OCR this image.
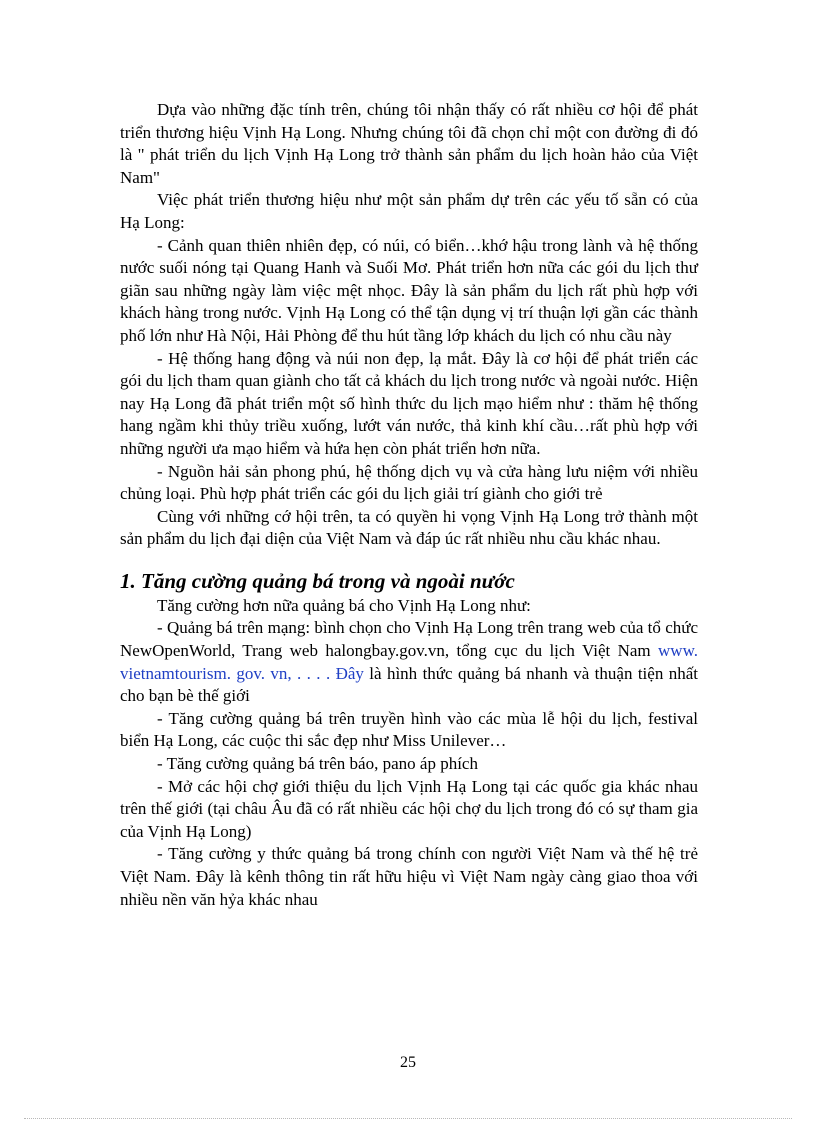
Dựa vào những đặc tính trên, chúng tôi nhận thấy có rất nhiều cơ hội để phát triển thương hiệu Vịnh Hạ Long. Nhưng chúng tôi đã chọn chỉ một con đường đi đó là " phát triển du lịch Vịnh Hạ Long trở thành sản phẩm du lịch hoàn hảo của Việt Nam"

Việc phát triển thương hiệu như một sản phẩm dự trên các yếu tố sẵn có của Hạ Long:

- Cảnh quan thiên nhiên đẹp, có núi, có biển…khớ hậu trong lành và hệ thống nước suối nóng tại Quang Hanh và Suối Mơ. Phát triển hơn nữa các gói du lịch thư giãn sau những ngày làm việc mệt nhọc. Đây là sản phẩm du lịch rất phù hợp với khách hàng trong nước. Vịnh Hạ Long có thể tận dụng vị trí thuận lợi gần các thành phố lớn như Hà Nội, Hải Phòng để thu hút tầng lớp khách du lịch có nhu cầu này

- Hệ thống hang động và núi non đẹp, lạ mắt. Đây là cơ hội để phát triển các gói du lịch tham quan giành cho tất cả khách du lịch trong nước và ngoài nước. Hiện nay Hạ Long đã phát triển một số hình thức du lịch mạo hiểm như : thăm hệ thống hang ngầm khi thủy triều xuống, lướt ván nước, thả kinh khí cầu…rất phù hợp với những người ưa mạo hiểm và hứa hẹn còn phát triển hơn nữa.

- Nguồn hải sản phong phú, hệ thống dịch vụ và cửa hàng lưu niệm với nhiều chủng loại. Phù hợp phát triển các gói du lịch giải trí giành cho giới trẻ

Cùng với những cớ hội trên, ta có quyền hi vọng Vịnh Hạ Long trở thành một sản phẩm du lịch đại diện của Việt Nam và đáp úc rất nhiều nhu cầu khác nhau.

1. Tăng cường quảng bá trong và ngoài nước

Tăng cường hơn nữa quảng bá cho Vịnh Hạ Long như:

- Quảng bá trên mạng: bình chọn cho Vịnh Hạ Long trên trang web của tổ chức NewOpenWorld, Trang web halongbay.gov.vn, tổng cục du lịch Việt Nam www. vietnamtourism. gov. vn, . . . . Đây là hình thức quảng bá nhanh và thuận tiện nhất cho bạn bè thế giới

- Tăng cường quảng bá trên truyền hình vào các mùa lễ hội du lịch, festival biển Hạ Long, các cuộc thi sắc đẹp như Miss Unilever…

- Tăng cường quảng bá trên báo, pano áp phích

- Mở các hội chợ giới thiệu du lịch Vịnh Hạ Long tại các quốc gia khác nhau trên thế giới (tại châu Âu đã có rất nhiều các hội chợ du lịch trong đó có sự tham gia của Vịnh Hạ Long)

- Tăng cường y thức quảng bá trong chính con người Việt Nam và thế hệ trẻ Việt Nam. Đây là kênh thông tin rất hữu hiệu vì Việt Nam ngày càng giao thoa với nhiều nền văn hỷa khác nhau

25
